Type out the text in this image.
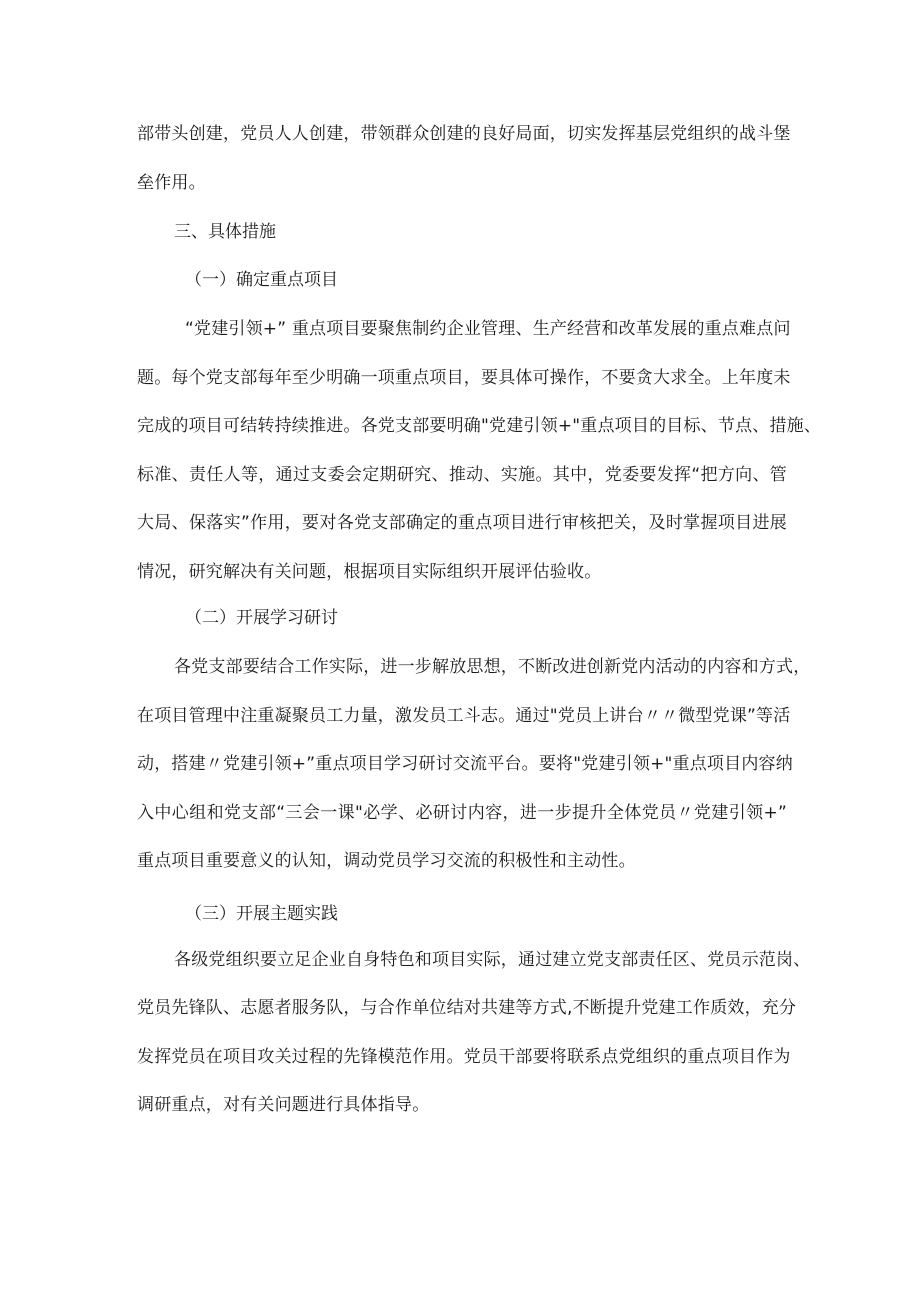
部带头创建，党员人人创建，带领群众创建的良好局面，切实发挥基层党组织的战斗堡
垒作用。
三、具体措施
（一）确定重点项目
“党建引领+” 重点项目要聚焦制约企业管理、生产经营和改革发展的重点难点问
题。每个党支部每年至少明确一项重点项目，要具体可操作，不要贪大求全。上年度未
完成的项目可结转持续推进。各党支部要明确"党建引领+"重点项目的目标、节点、措施、
标准、责任人等，通过支委会定期研究、推动、实施。其中，党委要发挥“把方向、管
大局、保落实”作用，要对各党支部确定的重点项目进行审核把关，及时掌握项目进展
情况，研究解决有关问题，根据项目实际组织开展评估验收。
（二）开展学习研讨
各党支部要结合工作实际，进一步解放思想，不断改进创新党内活动的内容和方式，
在项目管理中注重凝聚员工力量，激发员工斗志。通过"党员上讲台〃〃微型党课”等活
动，搭建〃党建引领+”重点项目学习研讨交流平台。要将"党建引领+"重点项目内容纳
入中心组和党支部“三会一课"必学、必研讨内容，进一步提升全体党员〃党建引领+”
重点项目重要意义的认知，调动党员学习交流的积极性和主动性。
（三）开展主题实践
各级党组织要立足企业自身特色和项目实际，通过建立党支部责任区、党员示范岗、
党员先锋队、志愿者服务队，与合作单位结对共建等方式,不断提升党建工作质效，充分
发挥党员在项目攻关过程的先锋模范作用。党员干部要将联系点党组织的重点项目作为
调研重点，对有关问题进行具体指导。
